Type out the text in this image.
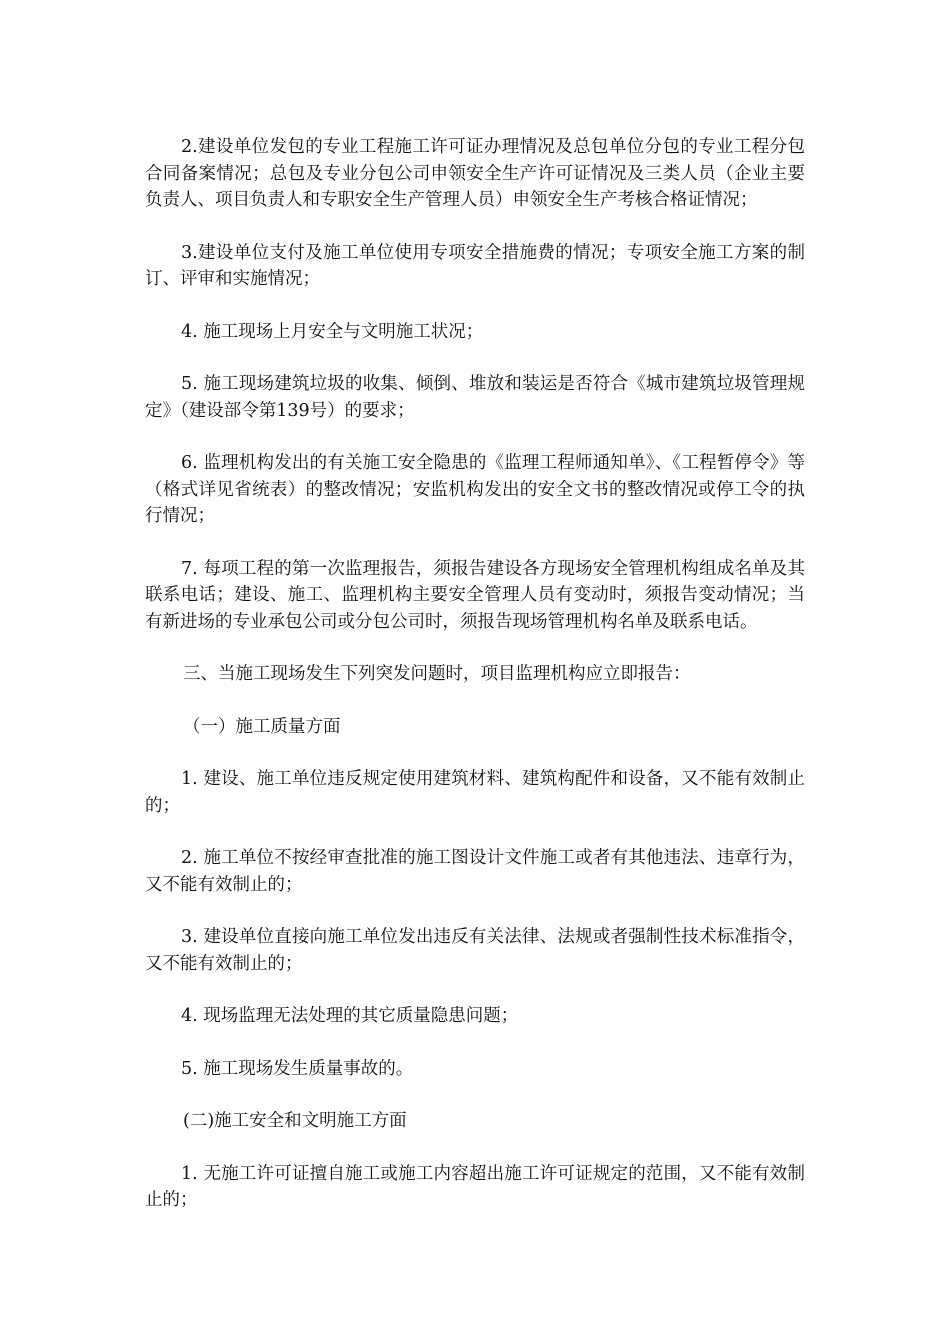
2.建设单位发包的专业工程施工许可证办理情况及总包单位分包的专业工程分包合同备案情况；总包及专业分包公司申领安全生产许可证情况及三类人员（企业主要负责人、项目负责人和专职安全生产管理人员）申领安全生产考核合格证情况；

3.建设单位支付及施工单位使用专项安全措施费的情况；专项安全施工方案的制订、评审和实施情况；

4. 施工现场上月安全与文明施工状况；

5. 施工现场建筑垃圾的收集、倾倒、堆放和装运是否符合《城市建筑垃圾管理规定》（建设部令第139号）的要求；

6. 监理机构发出的有关施工安全隐患的《监理工程师通知单》、《工程暂停令》等（格式详见省统表）的整改情况；安监机构发出的安全文书的整改情况或停工令的执行情况；

7. 每项工程的第一次监理报告，须报告建设各方现场安全管理机构组成名单及其联系电话；建设、施工、监理机构主要安全管理人员有变动时，须报告变动情况；当有新进场的专业承包公司或分包公司时，须报告现场管理机构名单及联系电话。

三、当施工现场发生下列突发问题时，项目监理机构应立即报告：

（一）施工质量方面

1. 建设、施工单位违反规定使用建筑材料、建筑构配件和设备，又不能有效制止的；

2. 施工单位不按经审查批准的施工图设计文件施工或者有其他违法、违章行为，又不能有效制止的；

3. 建设单位直接向施工单位发出违反有关法律、法规或者强制性技术标准指令，又不能有效制止的；

4. 现场监理无法处理的其它质量隐患问题；

5. 施工现场发生质量事故的。

(二)施工安全和文明施工方面

1. 无施工许可证擅自施工或施工内容超出施工许可证规定的范围，又不能有效制止的；
